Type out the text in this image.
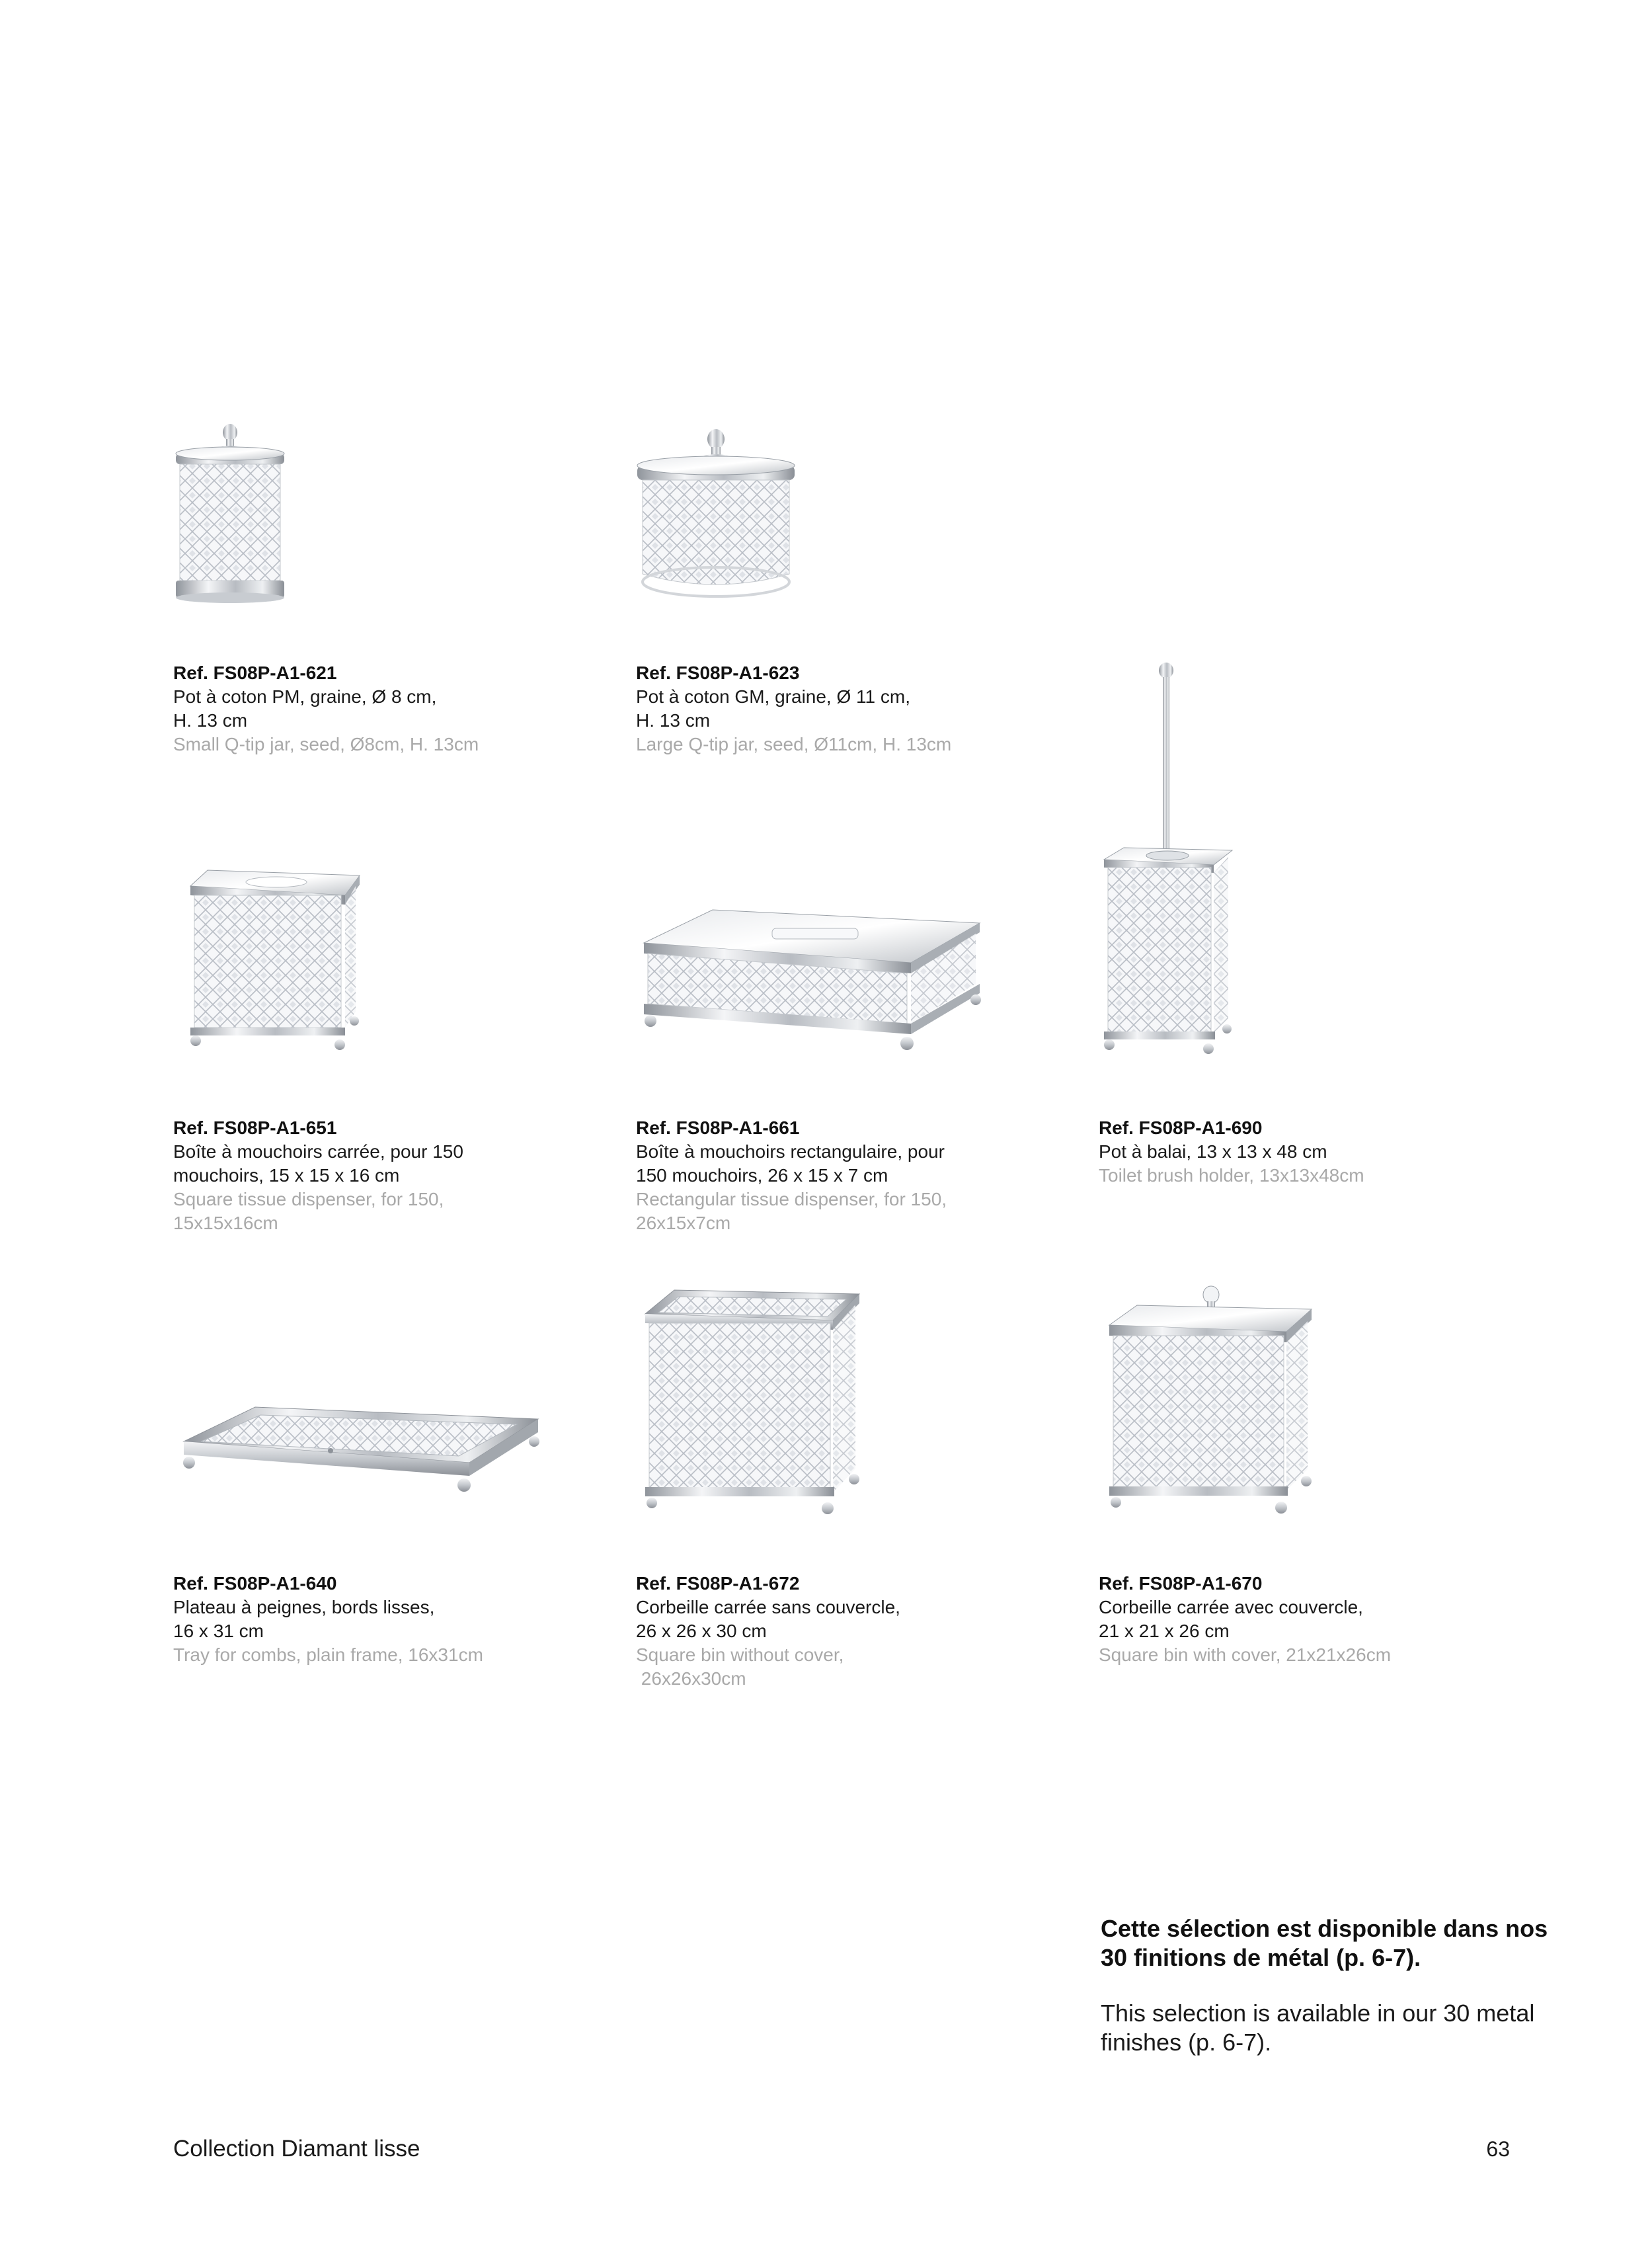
Ref. FS08P-A1-621
Pot à coton PM, graine, Ø 8 cm,
H. 13 cm
Small Q-tip jar, seed, Ø8cm, H. 13cm
Ref. FS08P-A1-623
Pot à coton GM, graine, Ø 11 cm,
H. 13 cm
Large Q-tip jar, seed, Ø11cm, H. 13cm
Ref. FS08P-A1-651
Boîte à mouchoirs carrée, pour 150
mouchoirs, 15 x 15 x 16 cm
Square tissue dispenser, for 150,
15x15x16cm
Ref. FS08P-A1-661
Boîte à mouchoirs rectangulaire, pour
150 mouchoirs, 26 x 15 x 7 cm
Rectangular tissue dispenser, for 150,
26x15x7cm
Ref. FS08P-A1-690
Pot à balai, 13 x 13 x 48 cm
Toilet brush holder, 13x13x48cm
Ref. FS08P-A1-640
Plateau à peignes, bords lisses,
16 x 31 cm
Tray for combs, plain frame, 16x31cm
Ref. FS08P-A1-672
Corbeille carrée sans couvercle,
26 x 26 x 30 cm
Square bin without cover,
26x26x30cm
Ref. FS08P-A1-670
Corbeille carrée avec couvercle,
21 x 21 x 26 cm
Square bin with cover, 21x21x26cm

Cette sélection est disponible dans nos 30 finitions de métal (p. 6-7).

This selection is available in our 30 metal finishes (p. 6-7).

Collection Diamant lisse	63
